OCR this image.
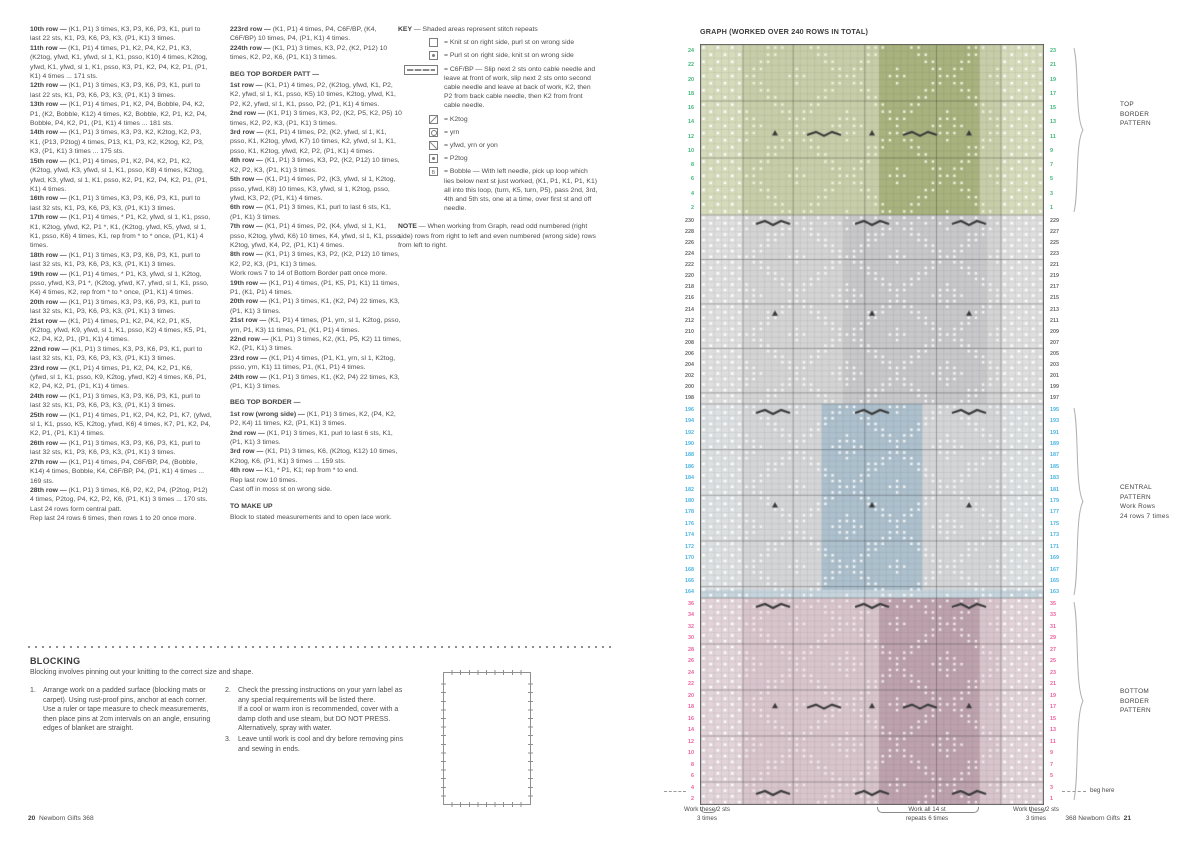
10th row — (K1, P1) 3 times, K3, P3, K6, P3, K1, purl to last 22 sts, K1, P3, K6, P3, K3, (P1, K1) 3 times.

11th row — (K1, P1) 4 times, P1, K2, P4, K2, P1, K3, (K2tog, yfwd, K1, yfwd, sl 1, K1, psso, K10) 4 times, K2tog, yfwd, K1, yfwd, sl 1, K1, psso, K3, P1, K2, P4, K2, P1, (P1, K1) 4 times ... 171 sts.

12th row — (K1, P1) 3 times, K3, P3, K6, P3, K1, purl to last 22 sts, K1, P3, K6, P3, K3, (P1, K1) 3 times.

13th row — (K1, P1) 4 times, P1, K2, P4, Bobble, P4, K2, P1, (K2, Bobble, K12) 4 times, K2, Bobble, K2, P1, K2, P4, Bobble, P4, K2, P1, (P1, K1) 4 times ... 181 sts.

14th row — (K1, P1) 3 times, K3, P3, K2, K2tog, K2, P3, K1, (P13, P2tog) 4 times, P13, K1, P3, K2, K2tog, K2, P3, K3, (P1, K1) 3 times ... 175 sts.

15th row — (K1, P1) 4 times, P1, K2, P4, K2, P1, K2, (K2tog, yfwd, K3, yfwd, sl 1, K1, psso, K8) 4 times, K2tog, yfwd, K3, yfwd, sl 1, K1, psso, K2, P1, K2, P4, K2, P1, (P1, K1) 4 times.

16th row — (K1, P1) 3 times, K3, P3, K6, P3, K1, purl to last 32 sts, K1, P3, K6, P3, K3, (P1, K1) 3 times.

17th row — (K1, P1) 4 times, * P1, K2, yfwd, sl 1, K1, psso, K1, K2tog, yfwd, K2, P1 *, K1, (K2tog, yfwd, K5, yfwd, sl 1, K1, psso, K6) 4 times, K1, rep from * to * once, (P1, K1) 4 times.

18th row — (K1, P1) 3 times, K3, P3, K6, P3, K1, purl to last 32 sts, K1, P3, K6, P3, K3, (P1, K1) 3 times.

19th row — (K1, P1) 4 times, * P1, K3, yfwd, sl 1, K2tog, psso, yfwd, K3, P1 *, (K2tog, yfwd, K7, yfwd, sl 1, K1, psso, K4) 4 times, K2, rep from * to * once, (P1, K1) 4 times.

20th row — (K1, P1) 3 times, K3, P3, K6, P3, K1, purl to last 32 sts, K1, P3, K6, P3, K3, (P1, K1) 3 times.

21st row — (K1, P1) 4 times, P1, K2, P4, K2, P1, K5, (K2tog, yfwd, K9, yfwd, sl 1, K1, psso, K2) 4 times, K5, P1, K2, P4, K2, P1, (P1, K1) 4 times.

22nd row — (K1, P1) 3 times, K3, P3, K6, P3, K1, purl to last 32 sts, K1, P3, K6, P3, K3, (P1, K1) 3 times.

23rd row — (K1, P1) 4 times, P1, K2, P4, K2, P1, K6, (yfwd, sl 1, K1, psso, K9, K2tog, yfwd, K2) 4 times, K6, P1, K2, P4, K2, P1, (P1, K1) 4 times.

24th row — (K1, P1) 3 times, K3, P3, K6, P3, K1, purl to last 32 sts, K1, P3, K6, P3, K3, (P1, K1) 3 times.

25th row — (K1, P1) 4 times, P1, K2, P4, K2, P1, K7, (yfwd, sl 1, K1, psso, K5, K2tog, yfwd, K6) 4 times, K7, P1, K2, P4, K2, P1, (P1, K1) 4 times.

26th row — (K1, P1) 3 times, K3, P3, K6, P3, K1, purl to last 32 sts, K1, P3, K6, P3, K3, (P1, K1) 3 times.

27th row — (K1, P1) 4 times, P4, C6F/BP, P4, (Bobble, K14) 4 times, Bobble, K4, C6F/BP, P4, (P1, K1) 4 times ... 169 sts.

28th row — (K1, P1) 3 times, K6, P2, K2, P4, (P2tog, P12) 4 times, P2tog, P4, K2, P2, K6, (P1, K1) 3 times ... 170 sts.

Last 24 rows form central patt.

Rep last 24 rows 6 times, then rows 1 to 20 once more.

223rd row — (K1, P1) 4 times, P4, C6F/BP, (K4, C6F/BP) 10 times, P4, (P1, K1) 4 times.

224th row — (K1, P1) 3 times, K3, P2, (K2, P12) 10 times, K2, P2, K6, (P1, K1) 3 times.

BEG TOP BORDER PATT —

1st row — (K1, P1) 4 times, P2, (K2tog, yfwd, K1, P2, K2, yfwd, sl 1, K1, psso, K5) 10 times, K2tog, yfwd, K1, P2, K2, yfwd, sl 1, K1, psso, P2, (P1, K1) 4 times.

2nd row — (K1, P1) 3 times, K3, P2, (K2, P5, K2, P5) 10 times, K2, P2, K3, (P1, K1) 3 times.

3rd row — (K1, P1) 4 times, P2, (K2, yfwd, sl 1, K1, psso, K1, K2tog, yfwd, K7) 10 times, K2, yfwd, sl 1, K1, psso, K1, K2tog, yfwd, K2, P2, (P1, K1) 4 times.

4th row — (K1, P1) 3 times, K3, P2, (K2, P12) 10 times, K2, P2, K3, (P1, K1) 3 times.

5th row — (K1, P1) 4 times, P2, (K3, yfwd, sl 1, K2tog, psso, yfwd, K8) 10 times, K3, yfwd, sl 1, K2tog, psso, yfwd, K3, P2, (P1, K1) 4 times.

6th row — (K1, P1) 3 times, K1, purl to last 6 sts, K1, (P1, K1) 3 times.

7th row — (K1, P1) 4 times, P2, (K4, yfwd, sl 1, K1, psso, K2tog, yfwd, K6) 10 times, K4, yfwd, sl 1, K1, psso, K2tog, yfwd, K4, P2, (P1, K1) 4 times.

8th row — (K1, P1) 3 times, K3, P2, (K2, P12) 10 times, K2, P2, K3, (P1, K1) 3 times.

Work rows 7 to 14 of Bottom Border patt once more.

19th row — (K1, P1) 4 times, (P1, K5, P1, K1) 11 times, P1, (K1, P1) 4 times.

20th row — (K1, P1) 3 times, K1, (K2, P4) 22 times, K3, (P1, K1) 3 times.

21st row — (K1, P1) 4 times, (P1, yrn, sl 1, K2tog, psso, yrn, P1, K3) 11 times, P1, (K1, P1) 4 times.

22nd row — (K1, P1) 3 times, K2, (K1, P5, K2) 11 times, K2, (P1, K1) 3 times.

23rd row — (K1, P1) 4 times, (P1, K1, yrn, sl 1, K2tog, psso, yrn, K1) 11 times, P1, (K1, P1) 4 times.

24th row — (K1, P1) 3 times, K1, (K2, P4) 22 times, K3, (P1, K1) 3 times.

BEG TOP BORDER —

1st row (wrong side) — (K1, P1) 3 times, K2, (P4, K2, P2, K4) 11 times, K2, (P1, K1) 3 times.

2nd row — (K1, P1) 3 times, K1, purl to last 6 sts, K1, (P1, K1) 3 times.

3rd row — (K1, P1) 3 times, K6, (K2tog, K12) 10 times, K2tog, K6, (P1, K1) 3 times ... 159 sts.

4th row — K1, * P1, K1; rep from * to end.

Rep last row 10 times.

Cast off in moss st on wrong side.

TO MAKE UP

Block to stated measurements and to open lace work.

KEY — Shaded areas represent stitch repeats
= Knit st on right side, purl st on wrong side
= Purl st on right side, knit st on wrong side
= C6F/BP — Slip next 2 sts onto cable needle and leave at front of work, slip next 2 sts onto second cable needle and leave at back of work, K2, then P2 from back cable needle, then K2 from front cable needle.
= K2tog
= yrn
= yfwd, yrn or yon
= P2tog
B
= Bobble — With left needle, pick up loop which lies below next st just worked, (K1, P1, K1, P1, K1) all into this loop, (turn, K5, turn, P5), pass 2nd, 3rd, 4th and 5th sts, one at a time, over first st and off needle.
NOTE — When working from Graph, read odd numbered (right side) rows from right to left and even numbered (wrong side) rows from left to right.
BLOCKING
Blocking involves pinning out your knitting to the correct size and shape.
1.	Arrange work on a padded surface (blocking mats or carpet). Using rust-proof pins, anchor at each corner.

Use a ruler or tape measure to check measurements, then place pins at 2cm intervals on an angle, ensuring edges of blanket are straight.

2.	Check the pressing instructions on your yarn label as any special requirements will be listed there.

If a cool or warm iron is recommended, cover with a damp cloth and use steam, but DO NOT PRESS. Alternatively, spray with water.

3.	Leave until work is cool and dry before removing pins and sewing in ends.

20 Newborn Gifts 368
GRAPH (WORKED OVER 240 ROWS IN TOTAL)
24
22
20
18
16
14
12
10
8
6
4
2
23
21
19
17
15
13
11
9
7
5
3
1
230
228
226
224
222
220
218
216
214
212
210
208
206
204
202
200
198
229
227
225
223
221
219
217
215
213
211
209
207
205
203
201
199
197
196
194
192
190
188
186
184
182
180
178
176
174
172
170
168
166
164
195
193
191
189
187
185
183
181
179
177
175
173
171
169
167
165
163
36
34
32
30
28
26
24
22
20
18
16
14
12
10
8
6
4
2
35
33
31
29
27
25
23
21
19
17
15
13
11
9
7
5
3
1
TOP
BORDER
PATTERN
CENTRAL
PATTERN
Work Rows
24 rows 7 times
BOTTOM
BORDER
PATTERN
Work these 2 sts
3 times
Work all 14 st
repeats 6 times
Work these 2 sts
3 times
beg here
368 Newborn Gifts 21
